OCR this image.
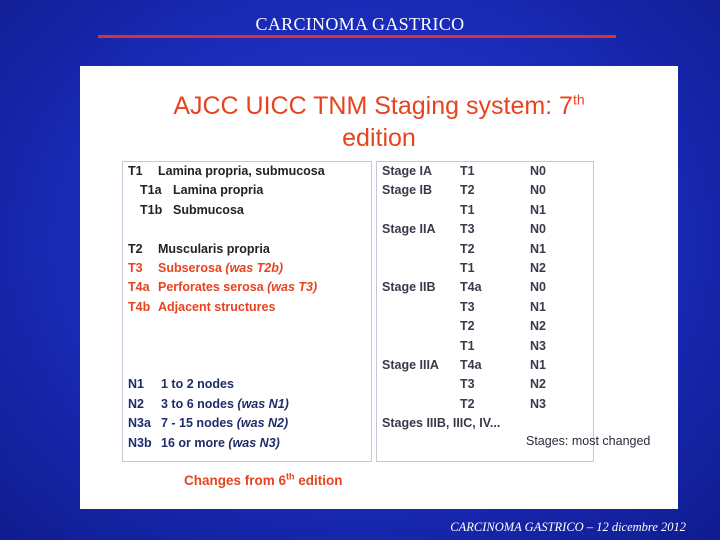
CARCINOMA GASTRICO
AJCC UICC TNM Staging system: 7th
edition
T1 Lamina propria, submucosa
T1a Lamina propria
T1b Submucosa
T2 Muscularis propria
T3 Subserosa (was T2b)
T4a Perforates serosa (was T3)
T4b Adjacent structures
N1 1 to 2 nodes
N2 3 to 6 nodes (was N1)
N3a 7 - 15 nodes (was N2)
N3b 16 or more (was N3)
Stage IA T1	N0
Stage IB T2	N0
T1	N1
Stage IIA T3	N0
T2	N1
T1	N2
Stage IIB T4a	N0
T3	N1
T2	N2
T1	N3
Stage IIIA T4a	N1
T3	N2
T2	N3
Stages IIIB, IIIC, IV...
Stages: most changed
Changes from 6th edition
CARCINOMA GASTRICO – 12 dicembre 2012
